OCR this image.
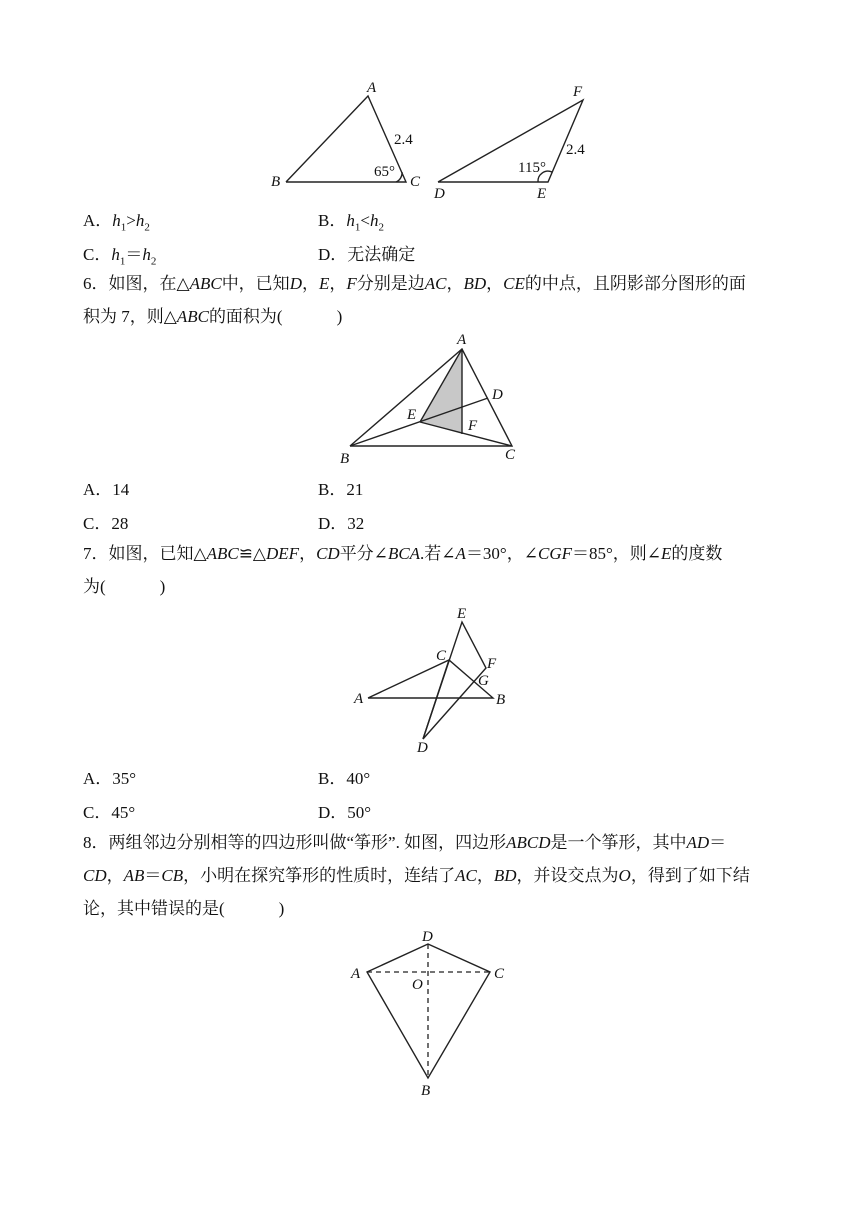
A
B	C
2.4
65°
F
D	E
2.4
115°
A．$h_1>h_2$	B．$h_1<h_2$
C．$h_1=h_2$	D．无法确定
6．如图，在△ABC中，已知D，E，F分别是边AC，BD，CE的中点，且阴影部分图形的面
积为 7，则△ABC的面积为(	)
A
B	C
D
E
F
A．14	B．21
C．28	D．32
7．如图，已知△ABC≌△DEF，CD平分∠BCA.若∠A＝30°，∠CGF＝85°，则∠E的度数
为(	)
E
C	F
G
A	B
D
A．35°	B．40°
C．45°	D．50°
8．两组邻边分别相等的四边形叫做“筝形”. 如图，四边形ABCD是一个筝形，其中AD＝
CD，AB＝CB，小明在探究筝形的性质时，连结了AC，BD，并设交点为O，得到了如下结
论，其中错误的是(	)
D
A	C
O
B
